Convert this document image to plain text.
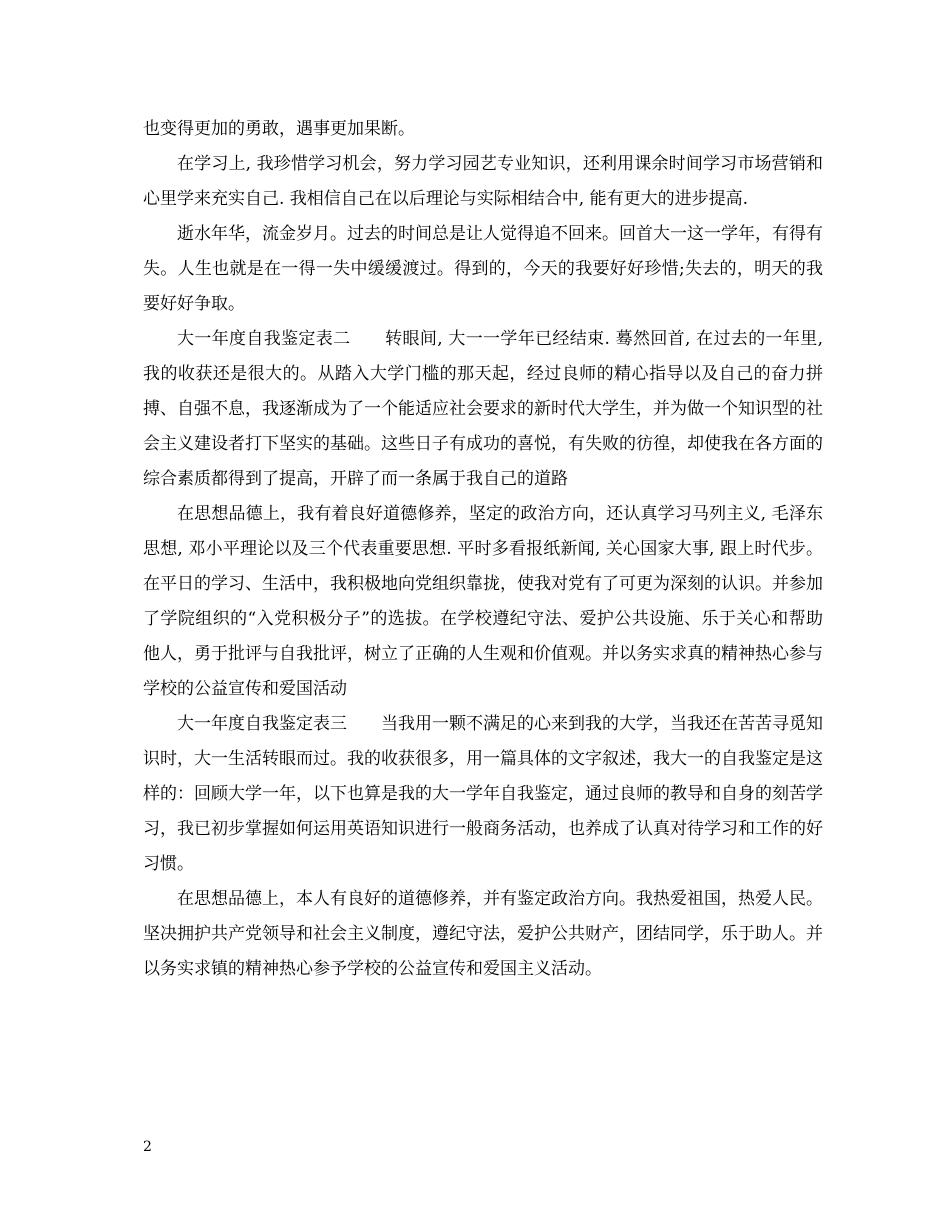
也变得更加的勇敢，遇事更加果断。

在学习上, 我珍惜学习机会，努力学习园艺专业知识，还利用课余时间学习市场营销和心里学来充实自己. 我相信自己在以后理论与实际相结合中, 能有更大的进步提高.

逝水年华，流金岁月。过去的时间总是让人觉得追不回来。回首大一这一学年，有得有失。人生也就是在一得一失中缓缓渡过。得到的，今天的我要好好珍惜;失去的，明天的我要好好争取。

大一年度自我鉴定表二　　转眼间, 大一一学年已经结束. 蓦然回首, 在过去的一年里, 我的收获还是很大的。从踏入大学门槛的那天起，经过良师的精心指导以及自己的奋力拼搏、自强不息，我逐渐成为了一个能适应社会要求的新时代大学生，并为做一个知识型的社会主义建设者打下坚实的基础。这些日子有成功的喜悦，有失败的彷徨，却使我在各方面的综合素质都得到了提高，开辟了而一条属于我自己的道路

在思想品德上，我有着良好道德修养，坚定的政治方向，还认真学习马列主义, 毛泽东思想, 邓小平理论以及三个代表重要思想. 平时多看报纸新闻, 关心国家大事, 跟上时代步。在平日的学习、生活中，我积极地向党组织靠拢，使我对党有了可更为深刻的认识。并参加了学院组织的“入党积极分子”的选拔。在学校遵纪守法、爱护公共设施、乐于关心和帮助他人，勇于批评与自我批评，树立了正确的人生观和价值观。并以务实求真的精神热心参与学校的公益宣传和爱国活动

大一年度自我鉴定表三　　当我用一颗不满足的心来到我的大学，当我还在苦苦寻觅知识时，大一生活转眼而过。我的收获很多，用一篇具体的文字叙述，我大一的自我鉴定是这样的：回顾大学一年，以下也算是我的大一学年自我鉴定，通过良师的教导和自身的刻苦学习，我已初步掌握如何运用英语知识进行一般商务活动，也养成了认真对待学习和工作的好习惯。

在思想品德上，本人有良好的道德修养，并有鉴定政治方向。我热爱祖国，热爱人民。坚决拥护共产党领导和社会主义制度，遵纪守法，爱护公共财产，团结同学，乐于助人。并以务实求镇的精神热心参予学校的公益宣传和爱国主义活动。

2
